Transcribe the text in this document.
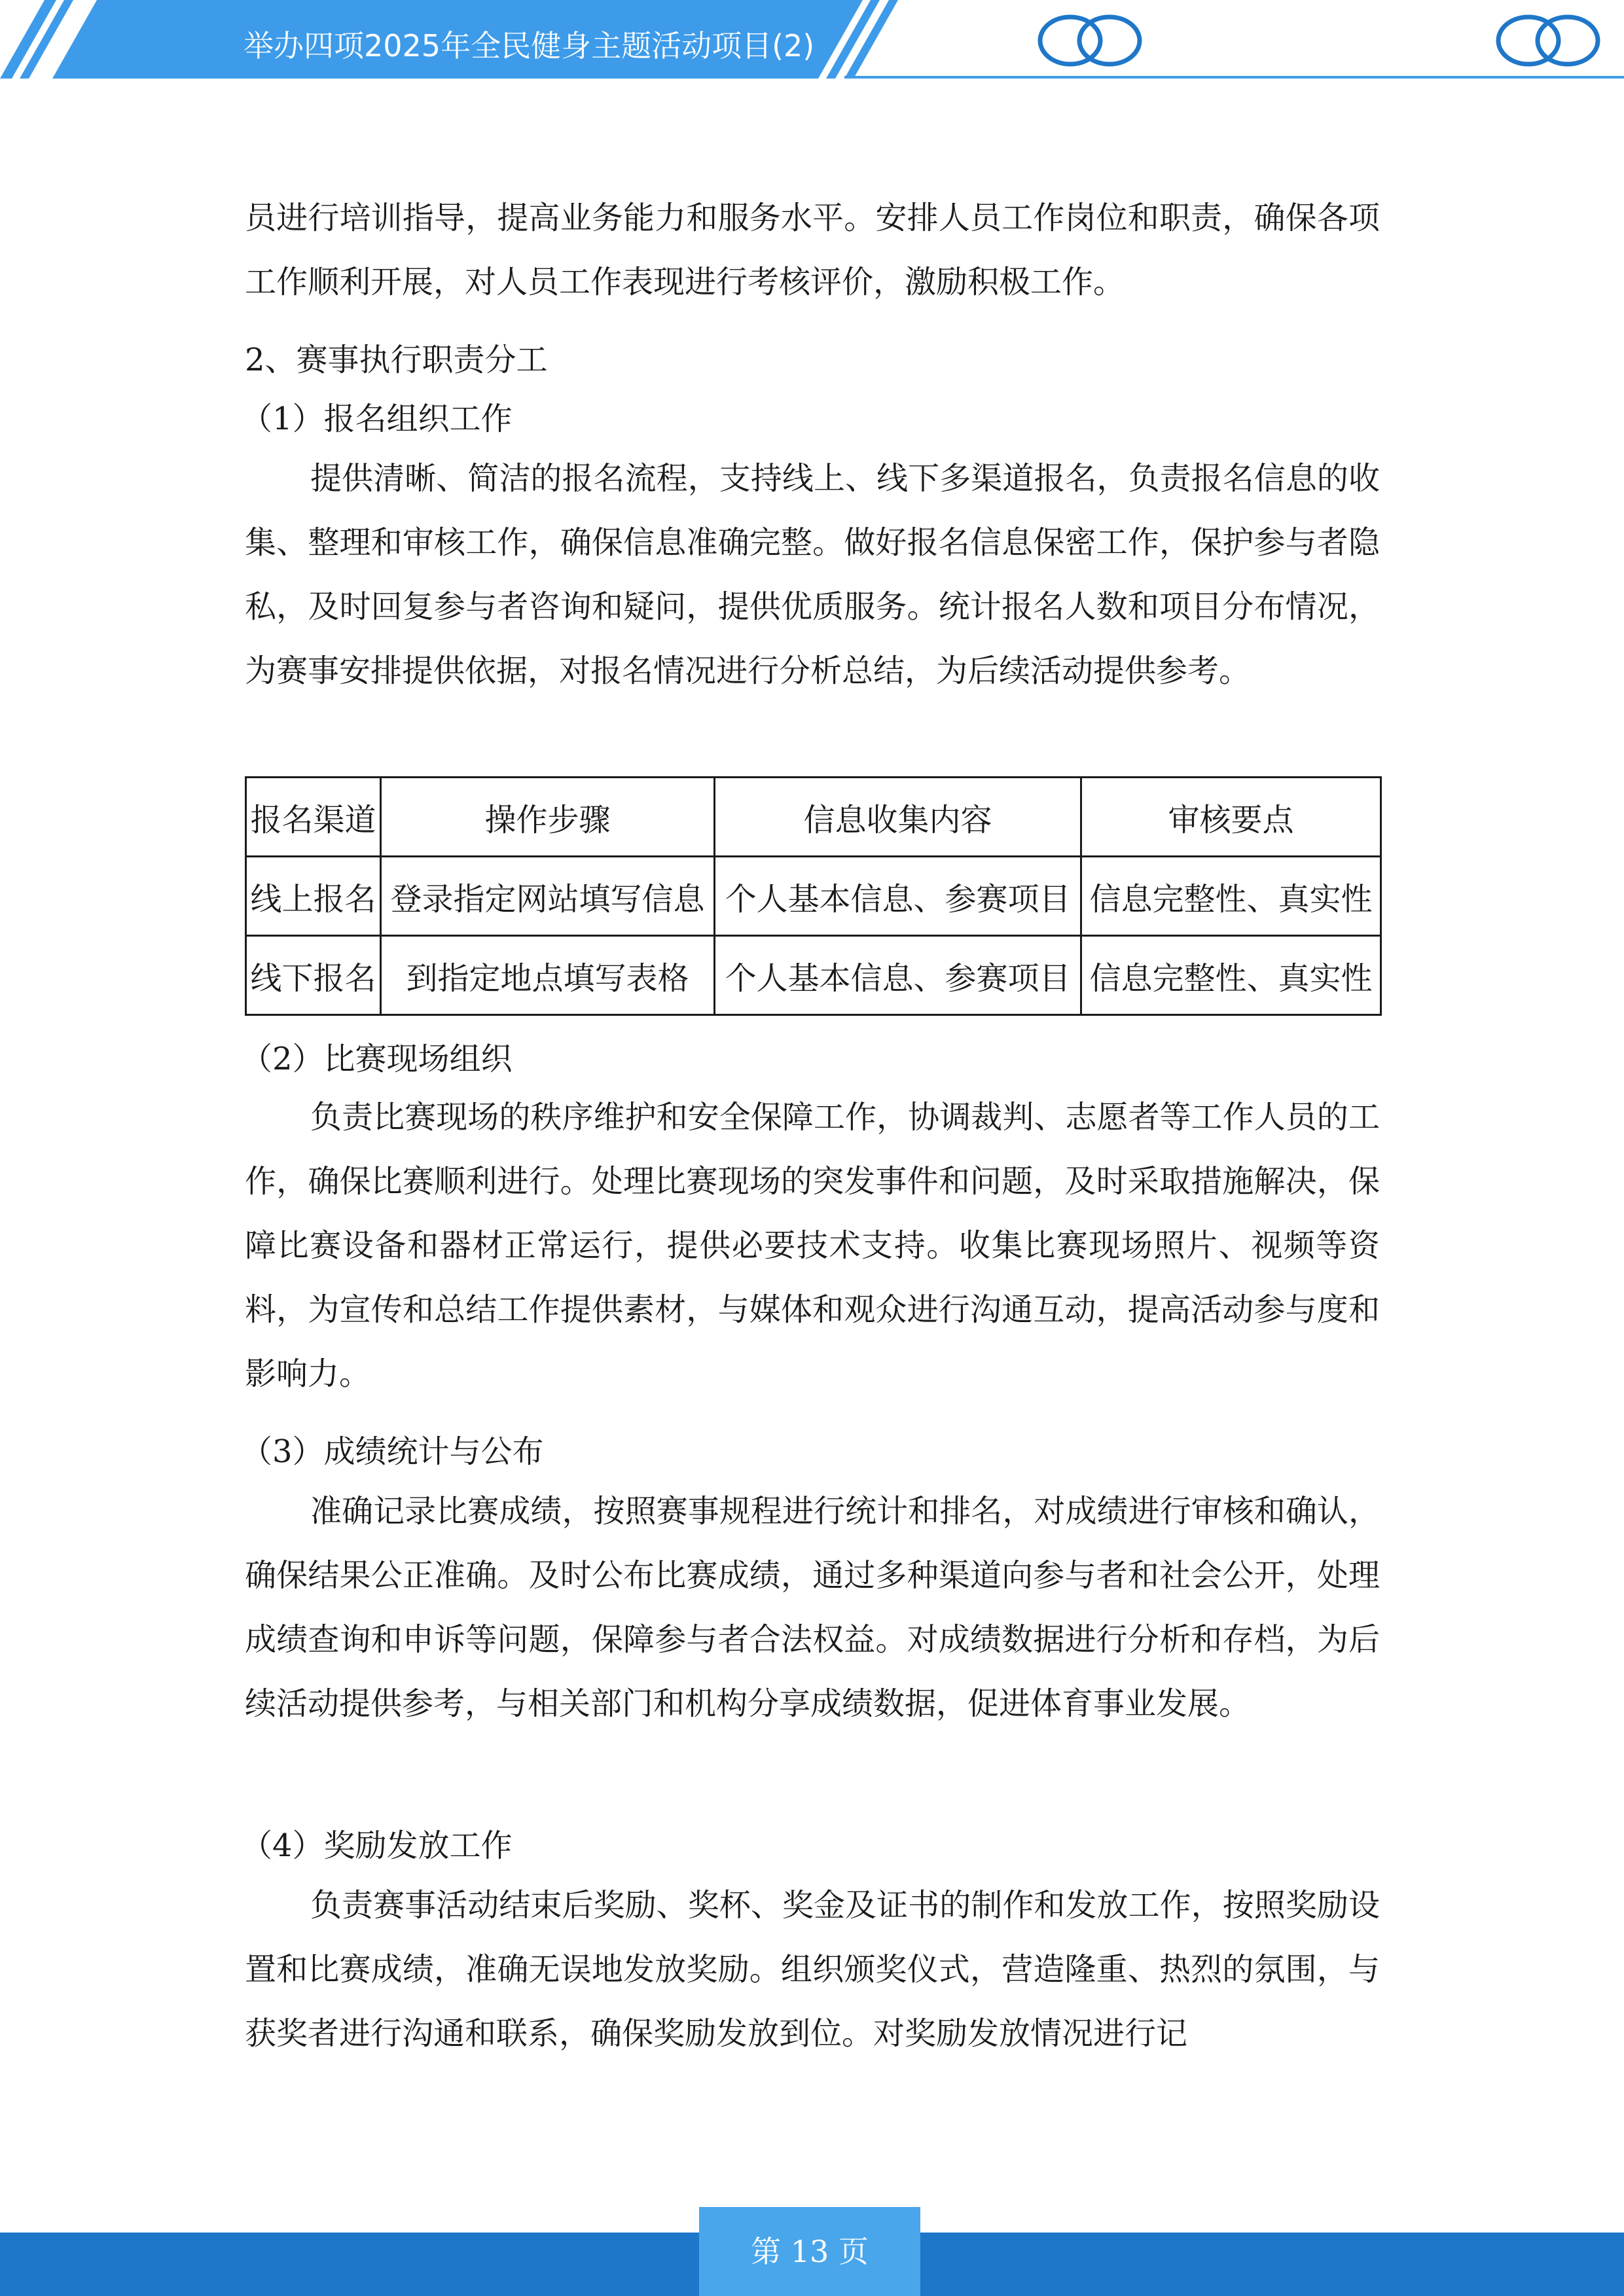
举办四项2025年全民健身主题活动项目(2)

员进行培训指导，提高业务能力和服务水平。安排人员工作岗位和职责，确保各项工作顺利开展，对人员工作表现进行考核评价，激励积极工作。

2、赛事执行职责分工

（1）报名组织工作

提供清晰、简洁的报名流程，支持线上、线下多渠道报名，负责报名信息的收集、整理和审核工作，确保信息准确完整。做好报名信息保密工作，保护参与者隐私，及时回复参与者咨询和疑问，提供优质服务。统计报名人数和项目分布情况，为赛事安排提供依据，对报名情况进行分析总结，为后续活动提供参考。

报名渠道	操作步骤	信息收集内容	审核要点
线上报名	登录指定网站填写信息	个人基本信息、参赛项目	信息完整性、真实性
线下报名	到指定地点填写表格	个人基本信息、参赛项目	信息完整性、真实性

（2）比赛现场组织

负责比赛现场的秩序维护和安全保障工作，协调裁判、志愿者等工作人员的工作，确保比赛顺利进行。处理比赛现场的突发事件和问题，及时采取措施解决，保障比赛设备和器材正常运行，提供必要技术支持。收集比赛现场照片、视频等资料，为宣传和总结工作提供素材，与媒体和观众进行沟通互动，提高活动参与度和影响力。

（3）成绩统计与公布

准确记录比赛成绩，按照赛事规程进行统计和排名，对成绩进行审核和确认，确保结果公正准确。及时公布比赛成绩，通过多种渠道向参与者和社会公开，处理成绩查询和申诉等问题，保障参与者合法权益。对成绩数据进行分析和存档，为后续活动提供参考，与相关部门和机构分享成绩数据，促进体育事业发展。

（4）奖励发放工作

负责赛事活动结束后奖励、奖杯、奖金及证书的制作和发放工作，按照奖励设置和比赛成绩，准确无误地发放奖励。组织颁奖仪式，营造隆重、热烈的氛围，与获奖者进行沟通和联系，确保奖励发放到位。对奖励发放情况进行记

第 13 页
